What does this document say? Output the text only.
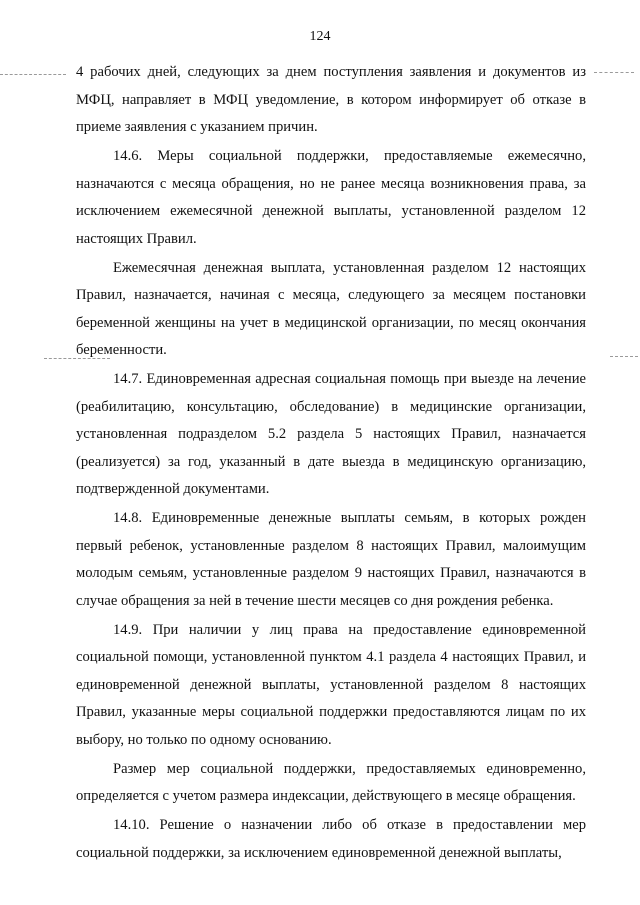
124

4 рабочих дней, следующих за днем поступления заявления и документов из МФЦ, направляет в МФЦ уведомление, в котором информирует об отказе в приеме заявления с указанием причин.

14.6. Меры социальной поддержки, предоставляемые ежемесячно, назначаются с месяца обращения, но не ранее месяца возникновения права, за исключением ежемесячной денежной выплаты, установленной разделом 12 настоящих Правил.

Ежемесячная денежная выплата, установленная разделом 12 настоящих Правил, назначается, начиная с месяца, следующего за месяцем постановки беременной женщины на учет в медицинской организации, по месяц окончания беременности.

14.7. Единовременная адресная социальная помощь при выезде на лечение (реабилитацию, консультацию, обследование) в медицинские организации, установленная подразделом 5.2 раздела 5 настоящих Правил, назначается (реализуется) за год, указанный в дате выезда в медицинскую организацию, подтвержденной документами.

14.8. Единовременные денежные выплаты семьям, в которых рожден первый ребенок, установленные разделом 8 настоящих Правил, малоимущим молодым семьям, установленные разделом 9 настоящих Правил, назначаются в случае обращения за ней в течение шести месяцев со дня рождения ребенка.

14.9. При наличии у лиц права на предоставление единовременной социальной помощи, установленной пунктом 4.1 раздела 4 настоящих Правил, и единовременной денежной выплаты, установленной разделом 8 настоящих Правил, указанные меры социальной поддержки предоставляются лицам по их выбору, но только по одному основанию.

Размер мер социальной поддержки, предоставляемых единовременно, определяется с учетом размера индексации, действующего в месяце обращения.

14.10. Решение о назначении либо об отказе в предоставлении мер социальной поддержки, за исключением единовременной денежной выплаты,
